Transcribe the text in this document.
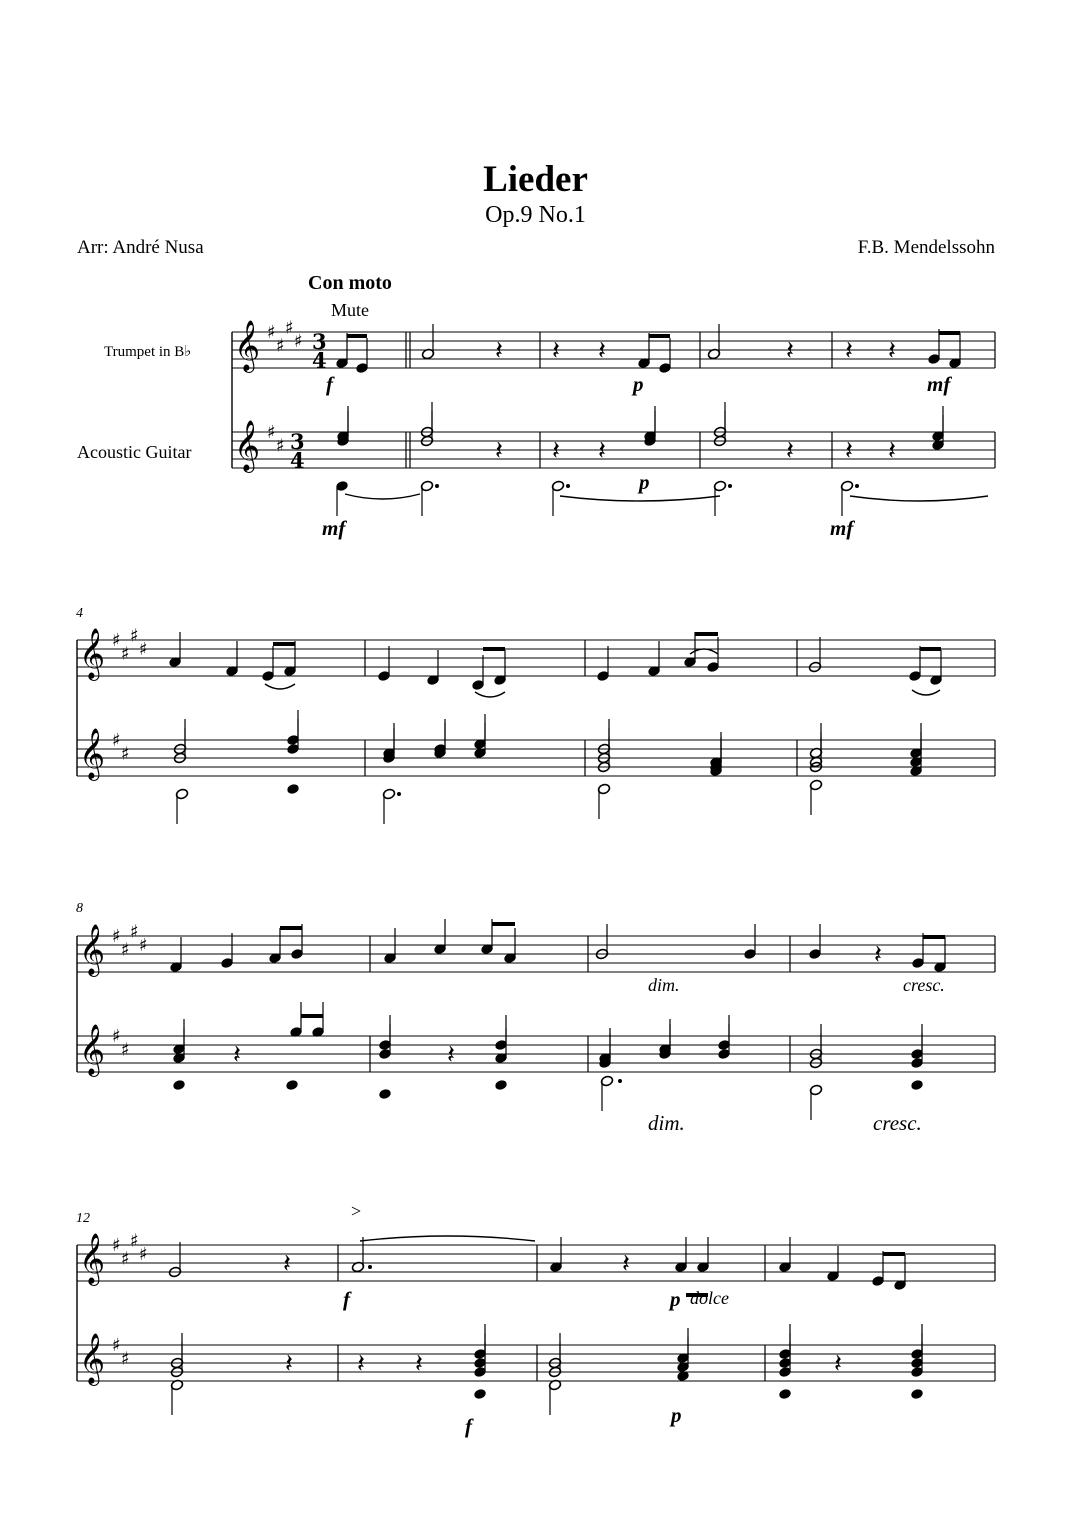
Lieder
Op.9 No.1
Arr: André Nusa	F.B. Mendelssohn
Con moto
Mute
Trumpet in B♭
Acoustic Guitar
4
8
12
f	p	mf
mf
p
mf
dim.	cresc.
dim.	cresc.
f	p dolce
>
f	p
𝄞
𝄞
♯
♯
♯
♯
♯
♯
3
4
3
4
𝄞
𝄞
♯
♯
♯
♯
♯
♯
𝄞
𝄞
♯
♯
♯
♯
♯
♯
𝄞
𝄞
♯
♯
♯
♯
♯
♯
𝄽 𝄽 𝄽	𝄽 𝄽 𝄽
𝄽 𝄽 𝄽	𝄽 𝄽 𝄽
𝄽
𝄽	𝄽
𝄽	𝄽
𝄽 𝄽 𝄽	𝄽
